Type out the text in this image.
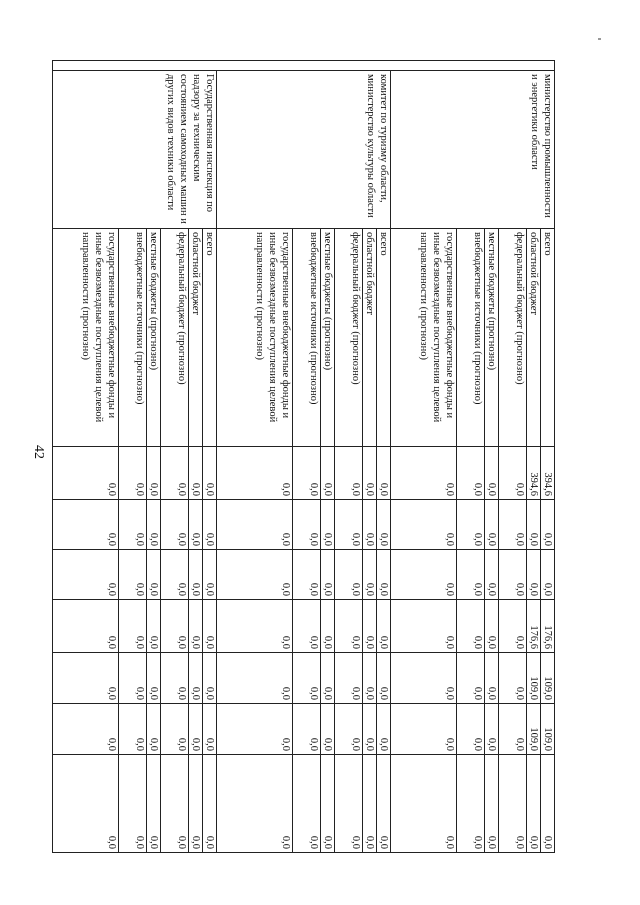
42
	министерство промышленности и энергетики области	всего	394,6	0,0	0,0	176,6	109,0	109,0	0,0
		областной бюджет	394,6	0,0	0,0	176,6	109,0	109,0	0,0
		федеральный бюджет (прогнозно)	0,0	0,0	0,0	0,0	0,0	0,0	0,0
		местные бюджеты (прогнозно)	0,0	0,0	0,0	0,0	0,0	0,0	0,0
		внебюджетные источники (прогнозно)	0,0	0,0	0,0	0,0	0,0	0,0	0,0
		государственные внебюджетные фонды и иные безвозмездные поступления целевой направленности (прогнозно)	0,0	0,0	0,0	0,0	0,0	0,0	0,0
	комитет по туризму области, министерство культуры области	всего	0,0	0,0	0,0	0,0	0,0	0,0	0,0
		областной бюджет	0,0	0,0	0,0	0,0	0,0	0,0	0,0
		федеральный бюджет (прогнозно)	0,0	0,0	0,0	0,0	0,0	0,0	0,0
		местные бюджеты (прогнозно)	0,0	0,0	0,0	0,0	0,0	0,0	0,0
		внебюджетные источники (прогнозно)	0,0	0,0	0,0	0,0	0,0	0,0	0,0
		государственные внебюджетные фонды и иные безвозмездные поступления целевой направленности (прогнозно)	0,0	0,0	0,0	0,0	0,0	0,0	0,0
	Государственная инспекция по надзору за техническим состоянием самоходных машин и других видов техники области	всего	0,0	0,0	0,0	0,0	0,0	0,0	0,0
		областной бюджет	0,0	0,0	0,0	0,0	0,0	0,0	0,0
		федеральный бюджет (прогнозно)	0,0	0,0	0,0	0,0	0,0	0,0	0,0
		местные бюджеты (прогнозно)	0,0	0,0	0,0	0,0	0,0	0,0	0,0
		внебюджетные источники (прогнозно)	0,0	0,0	0,0	0,0	0,0	0,0	0,0
		государственные внебюджетные фонды и иные безвозмездные поступления целевой направленности (прогнозно)	0,0	0,0	0,0	0,0	0,0	0,0	0,0
